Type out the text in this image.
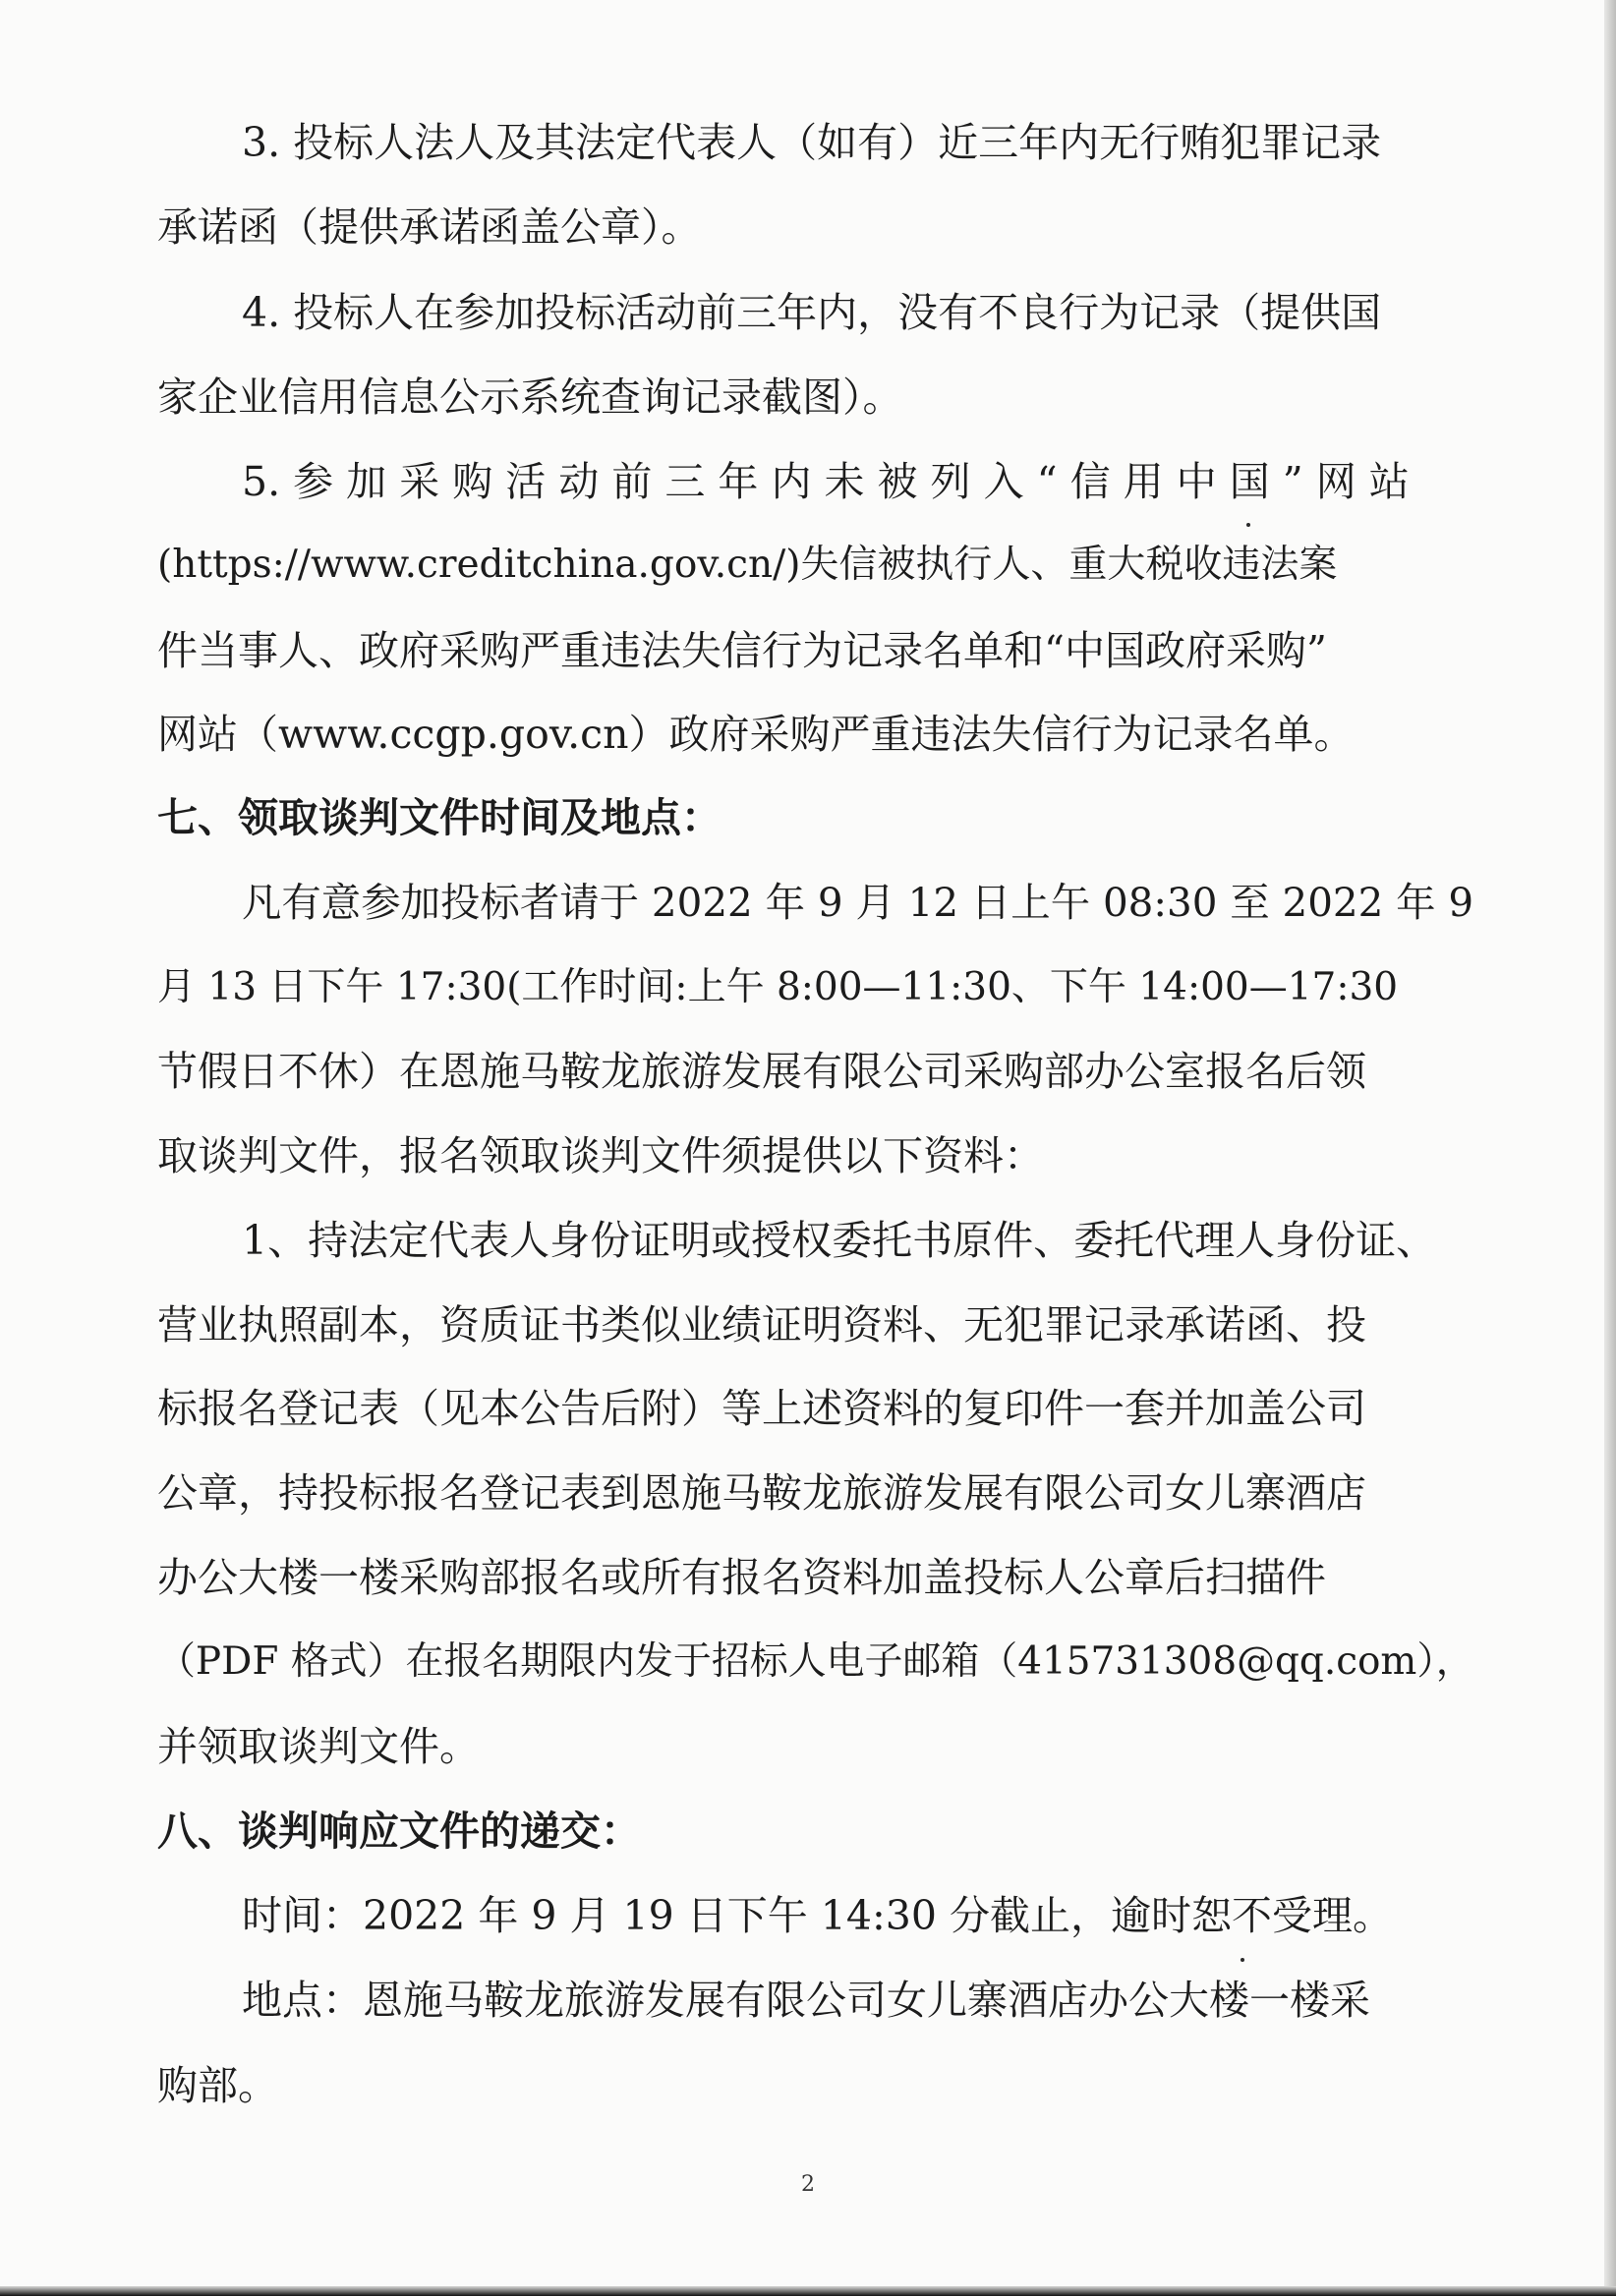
3. 投标人法人及其法定代表人（如有）近三年内无行贿犯罪记录
承诺函（提供承诺函盖公章）。
4. 投标人在参加投标活动前三年内，没有不良行为记录（提供国
家企业信用信息公示系统查询记录截图）。
5. 参 加 采 购 活 动 前 三 年 内 未 被 列 入 “ 信 用 中 国 ” 网 站
(https://www.creditchina.gov.cn/)失信被执行人、重大税收违法案
件当事人、政府采购严重违法失信行为记录名单和“中国政府采购”
网站（www.ccgp.gov.cn）政府采购严重违法失信行为记录名单。
七、领取谈判文件时间及地点：
凡有意参加投标者请于 2022 年 9 月 12 日上午 08:30 至 2022 年 9
月 13 日下午 17:30(工作时间:上午 8:00—11:30、下午 14:00—17:30
节假日不休）在恩施马鞍龙旅游发展有限公司采购部办公室报名后领
取谈判文件，报名领取谈判文件须提供以下资料：
1、持法定代表人身份证明或授权委托书原件、委托代理人身份证、
营业执照副本，资质证书类似业绩证明资料、无犯罪记录承诺函、投
标报名登记表（见本公告后附）等上述资料的复印件一套并加盖公司
公章，持投标报名登记表到恩施马鞍龙旅游发展有限公司女儿寨酒店
办公大楼一楼采购部报名或所有报名资料加盖投标人公章后扫描件
（PDF 格式）在报名期限内发于招标人电子邮箱（415731308@qq.com），
并领取谈判文件。
八、谈判响应文件的递交：
时间：2022 年 9 月 19 日下午 14:30 分截止，逾时恕不受理。
地点：恩施马鞍龙旅游发展有限公司女儿寨酒店办公大楼一楼采
购部。
2
